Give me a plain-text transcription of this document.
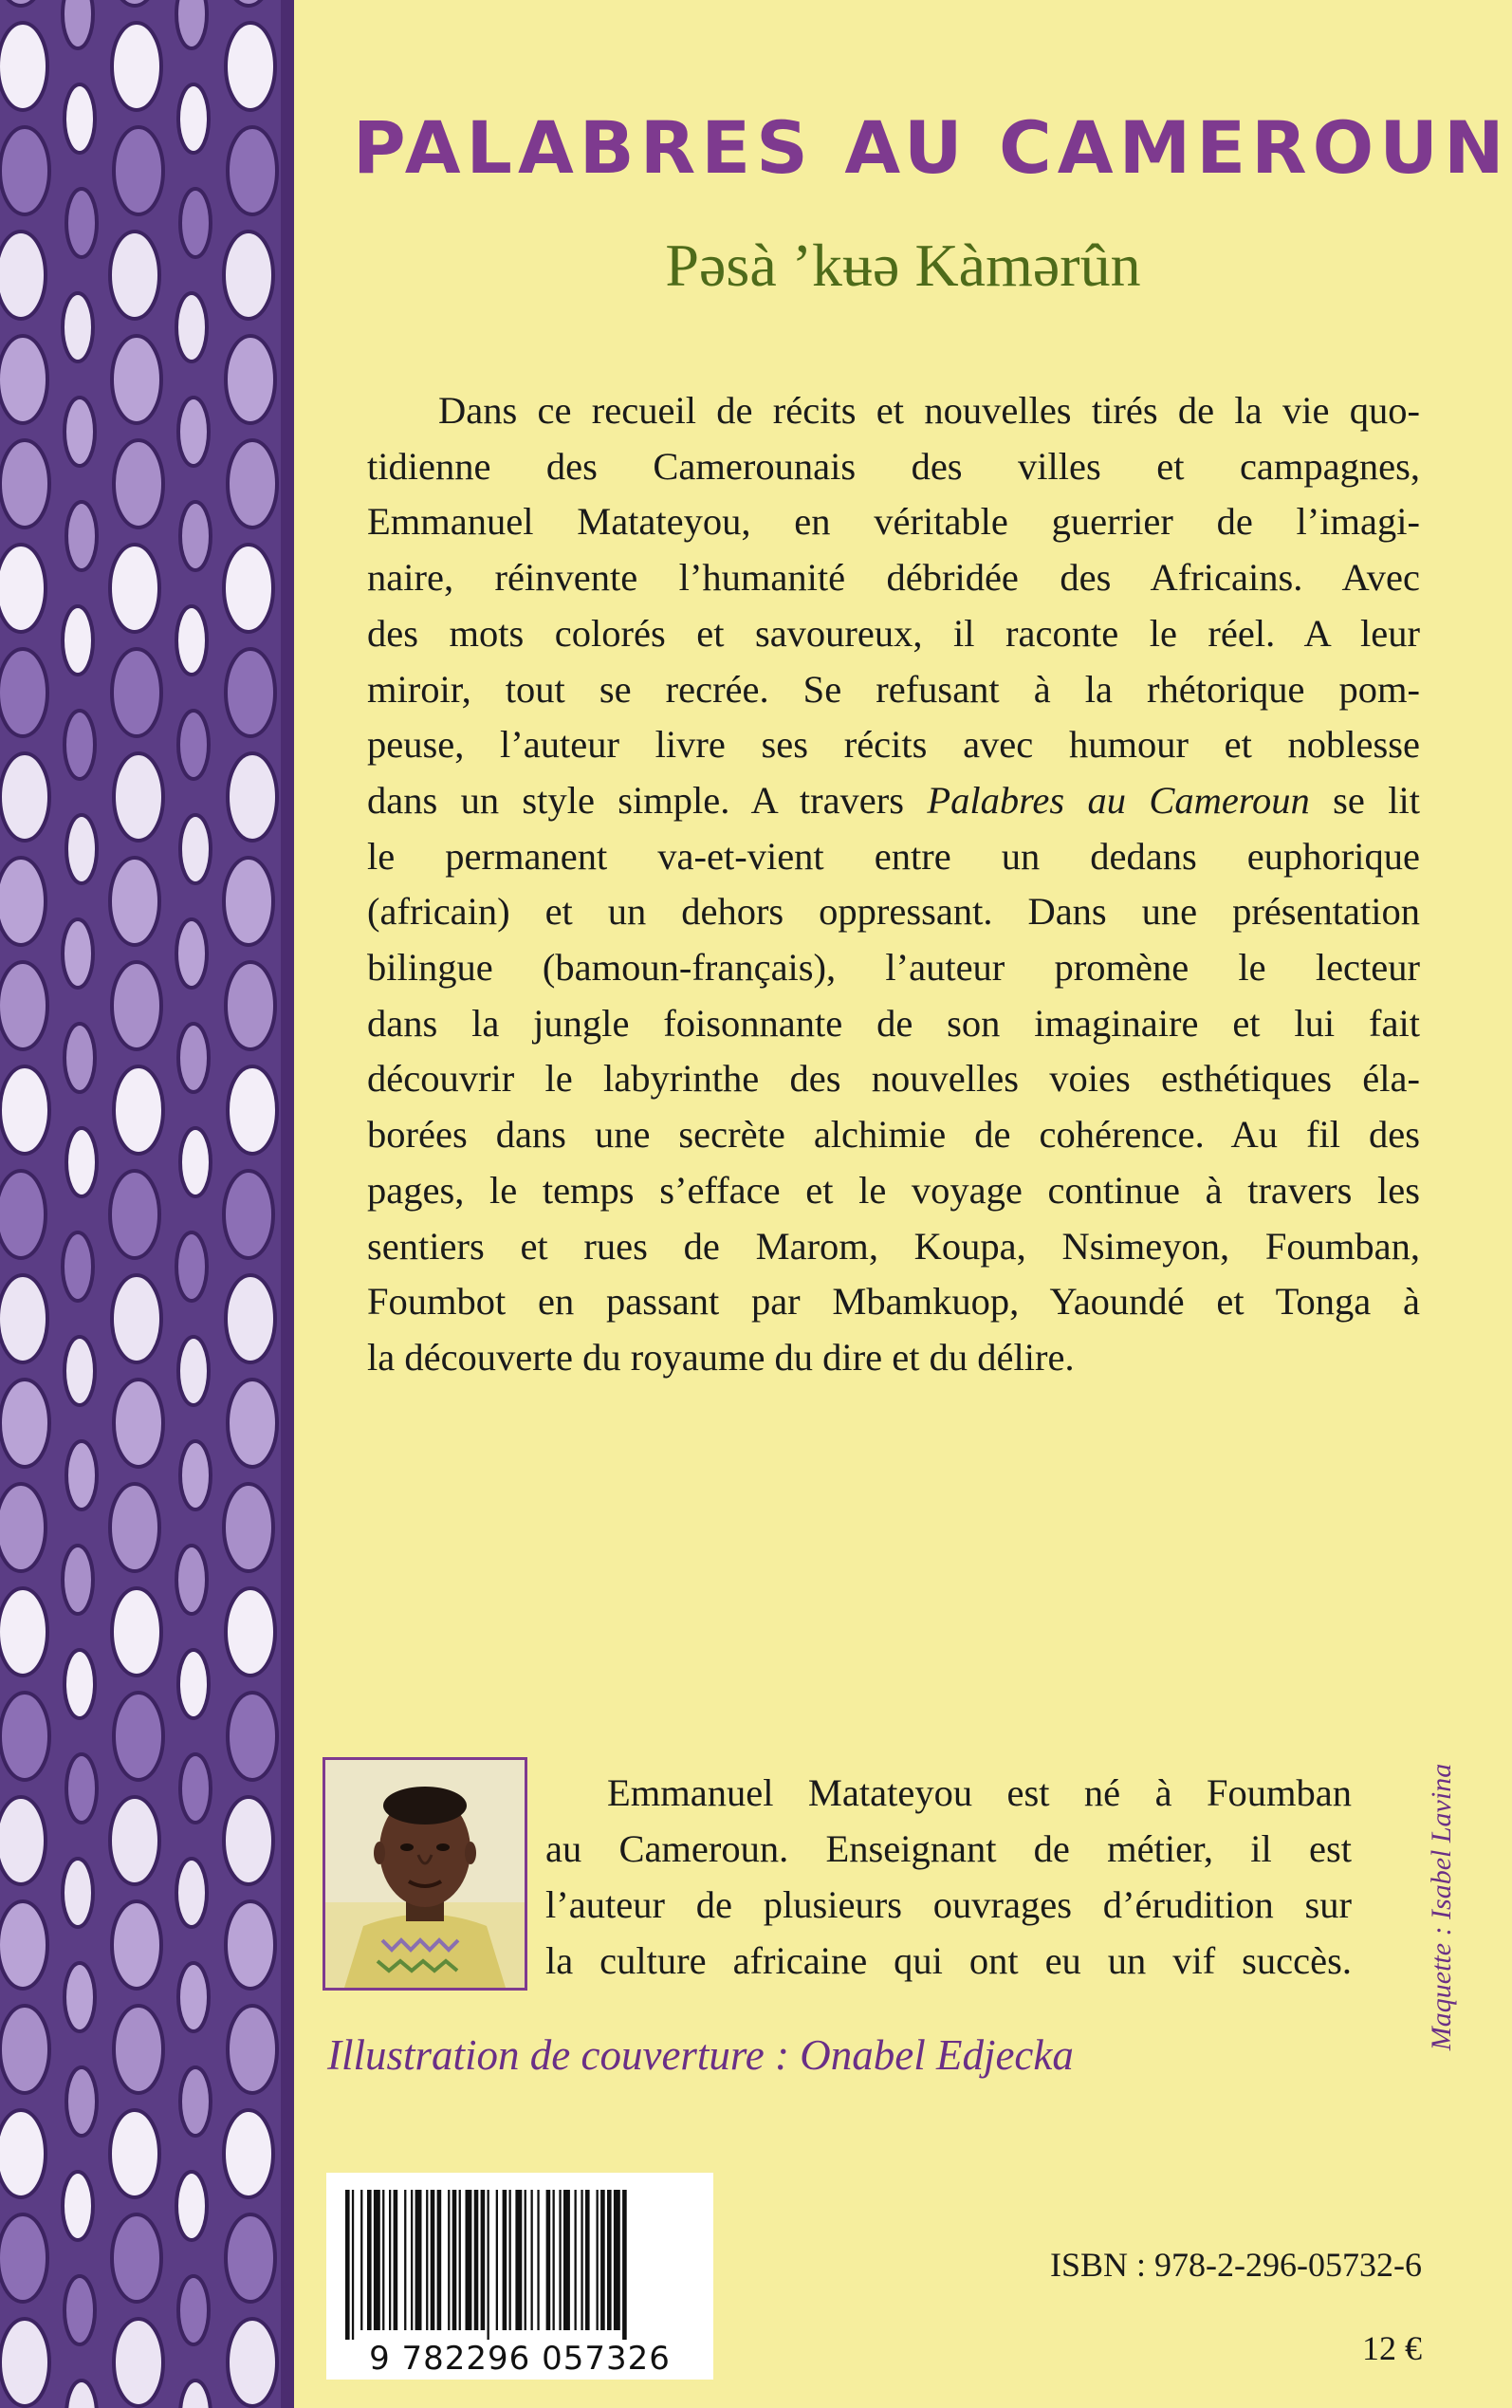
PALABRES AU CAMEROUN
Pəsà ’kʉə Kàmərûn
Dans ce recueil de récits et nouvelles tirés de la vie quo-
tidienne des Camerounais des villes et campagnes,
Emmanuel Matateyou, en véritable guerrier de l’imagi-
naire, réinvente l’humanité débridée des Africains. Avec
des mots colorés et savoureux, il raconte le réel. A leur
miroir, tout se recrée. Se refusant à la rhétorique pom-
peuse, l’auteur livre ses récits avec humour et noblesse
dans un style simple. A travers Palabres au Cameroun se lit
le permanent va-et-vient entre un dedans euphorique
(africain) et un dehors oppressant. Dans une présentation
bilingue (bamoun-français), l’auteur promène le lecteur
dans la jungle foisonnante de son imaginaire et lui fait
découvrir le labyrinthe des nouvelles voies esthétiques éla-
borées dans une secrète alchimie de cohérence. Au fil des
pages, le temps s’efface et le voyage continue à travers les
sentiers et rues de Marom, Koupa, Nsimeyon, Foumban,
Foumbot en passant par Mbamkuop, Yaoundé et Tonga à
la découverte du royaume du dire et du délire.
Emmanuel Matateyou est né à Foumban
au Cameroun. Enseignant de métier, il est
l’auteur de plusieurs ouvrages d’érudition sur
la culture africaine qui ont eu un vif succès.
Illustration de couverture : Onabel Edjecka
Maquette : Isabel Lavina
9 782296 057326
ISBN : 978-2-296-05732-6
12 €
